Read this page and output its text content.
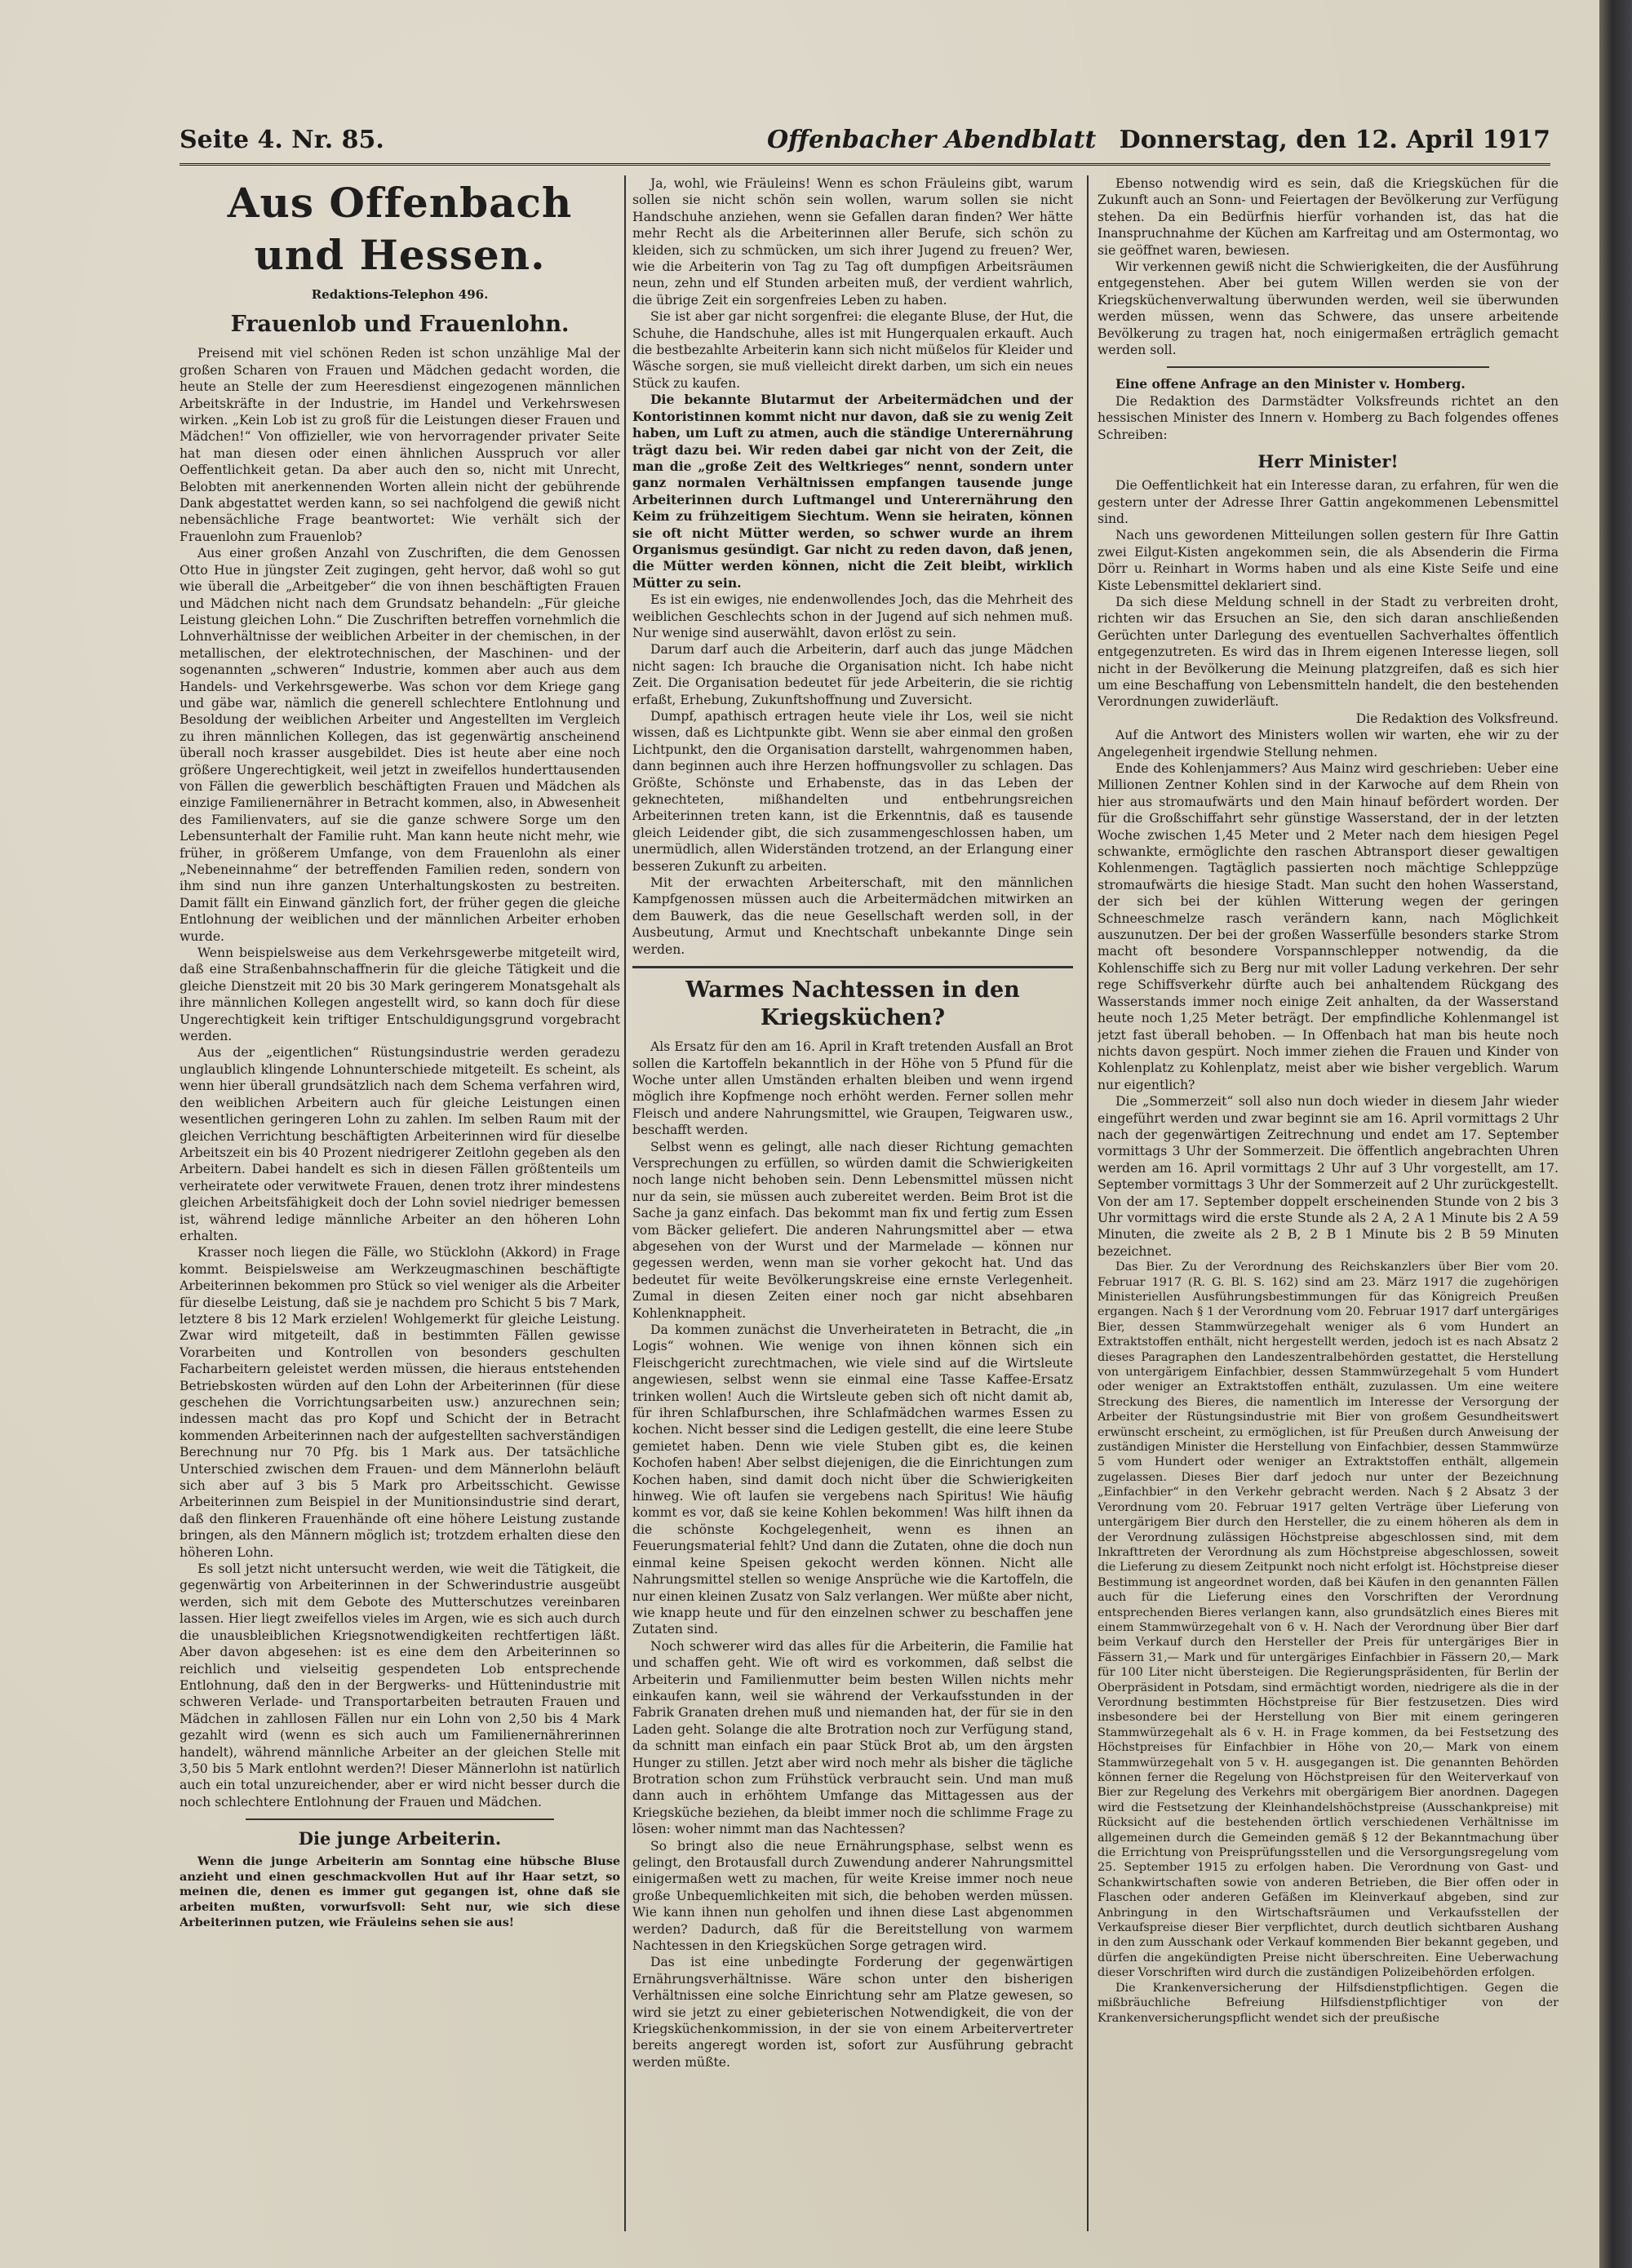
Seite 4. Nr. 85.	Offenbacher Abendblatt Donnerstag, den 12. April 1917
Aus Offenbach und Hessen.
Redaktions-Telephon 496.
Frauenlob und Frauenlohn.

Preisend mit viel schönen Reden ist schon unzählige Mal der großen Scharen von Frauen und Mädchen gedacht worden, die heute an Stelle der zum Heeresdienst eingezogenen männlichen Arbeitskräfte in der Industrie, im Handel und Verkehrswesen wirken. „Kein Lob ist zu groß für die Leistungen dieser Frauen und Mädchen!“ Von offizieller, wie von hervorragender privater Seite hat man diesen oder einen ähnlichen Ausspruch vor aller Oeffentlichkeit getan. Da aber auch den so, nicht mit Unrecht, Belobten mit anerkennenden Worten allein nicht der gebührende Dank abgestattet werden kann, so sei nachfolgend die gewiß nicht nebensächliche Frage beantwortet: Wie verhält sich der Frauenlohn zum Frauenlob?

Aus einer großen Anzahl von Zuschriften, die dem Genossen Otto Hue in jüngster Zeit zugingen, geht hervor, daß wohl so gut wie überall die „Arbeitgeber“ die von ihnen beschäftigten Frauen und Mädchen nicht nach dem Grundsatz behandeln: „Für gleiche Leistung gleichen Lohn.“ Die Zuschriften betreffen vornehmlich die Lohnverhältnisse der weiblichen Arbeiter in der chemischen, in der metallischen, der elektrotechnischen, der Maschinen- und der sogenannten „schweren“ Industrie, kommen aber auch aus dem Handels- und Verkehrsgewerbe. Was schon vor dem Kriege gang und gäbe war, nämlich die generell schlechtere Entlohnung und Besoldung der weiblichen Arbeiter und Angestellten im Vergleich zu ihren männlichen Kollegen, das ist gegenwärtig anscheinend überall noch krasser ausgebildet. Dies ist heute aber eine noch größere Ungerechtigkeit, weil jetzt in zweifellos hunderttausenden von Fällen die gewerblich beschäftigten Frauen und Mädchen als einzige Familienernährer in Betracht kommen, also, in Abwesenheit des Familienvaters, auf sie die ganze schwere Sorge um den Lebensunterhalt der Familie ruht. Man kann heute nicht mehr, wie früher, in größerem Umfange, von dem Frauenlohn als einer „Nebeneinnahme“ der betreffenden Familien reden, sondern von ihm sind nun ihre ganzen Unterhaltungskosten zu bestreiten. Damit fällt ein Einwand gänzlich fort, der früher gegen die gleiche Entlohnung der weiblichen und der männlichen Arbeiter erhoben wurde.

Wenn beispielsweise aus dem Verkehrsgewerbe mitgeteilt wird, daß eine Straßenbahnschaffnerin für die gleiche Tätigkeit und die gleiche Dienstzeit mit 20 bis 30 Mark geringerem Monatsgehalt als ihre männlichen Kollegen angestellt wird, so kann doch für diese Ungerechtigkeit kein triftiger Entschuldigungsgrund vorgebracht werden.

Aus der „eigentlichen“ Rüstungsindustrie werden geradezu unglaublich klingende Lohnunterschiede mitgeteilt. Es scheint, als wenn hier überall grundsätzlich nach dem Schema verfahren wird, den weiblichen Arbeitern auch für gleiche Leistungen einen wesentlichen geringeren Lohn zu zahlen. Im selben Raum mit der gleichen Verrichtung beschäftigten Arbeiterinnen wird für dieselbe Arbeitszeit ein bis 40 Prozent niedrigerer Zeitlohn gegeben als den Arbeitern. Dabei handelt es sich in diesen Fällen größtenteils um verheiratete oder verwitwete Frauen, denen trotz ihrer mindestens gleichen Arbeitsfähigkeit doch der Lohn soviel niedriger bemessen ist, während ledige männliche Arbeiter an den höheren Lohn erhalten.

Krasser noch liegen die Fälle, wo Stücklohn (Akkord) in Frage kommt. Beispielsweise am Werkzeugmaschinen beschäftigte Arbeiterinnen bekommen pro Stück so viel weniger als die Arbeiter für dieselbe Leistung, daß sie je nachdem pro Schicht 5 bis 7 Mark, letztere 8 bis 12 Mark erzielen! Wohlgemerkt für gleiche Leistung. Zwar wird mitgeteilt, daß in bestimmten Fällen gewisse Vorarbeiten und Kontrollen von besonders geschulten Facharbeitern geleistet werden müssen, die hieraus entstehenden Betriebskosten würden auf den Lohn der Arbeiterinnen (für diese geschehen die Vorrichtungsarbeiten usw.) anzurechnen sein; indessen macht das pro Kopf und Schicht der in Betracht kommenden Arbeiterinnen nach der aufgestellten sachverständigen Berechnung nur 70 Pfg. bis 1 Mark aus. Der tatsächliche Unterschied zwischen dem Frauen- und dem Männerlohn beläuft sich aber auf 3 bis 5 Mark pro Arbeitsschicht. Gewisse Arbeiterinnen zum Beispiel in der Munitionsindustrie sind derart, daß den flinkeren Frauenhände oft eine höhere Leistung zustande bringen, als den Männern möglich ist; trotzdem erhalten diese den höheren Lohn.

Es soll jetzt nicht untersucht werden, wie weit die Tätigkeit, die gegenwärtig von Arbeiterinnen in der Schwerindustrie ausgeübt werden, sich mit dem Gebote des Mutterschutzes vereinbaren lassen. Hier liegt zweifellos vieles im Argen, wie es sich auch durch die unausbleiblichen Kriegsnotwendigkeiten rechtfertigen läßt. Aber davon abgesehen: ist es eine dem den Arbeiterinnen so reichlich und vielseitig gespendeten Lob entsprechende Entlohnung, daß den in der Bergwerks- und Hüttenindustrie mit schweren Verlade- und Transportarbeiten betrauten Frauen und Mädchen in zahllosen Fällen nur ein Lohn von 2,50 bis 4 Mark gezahlt wird (wenn es sich auch um Familienernährerinnen handelt), während männliche Arbeiter an der gleichen Stelle mit 3,50 bis 5 Mark entlohnt werden?! Dieser Männerlohn ist natürlich auch ein total unzureichender, aber er wird nicht besser durch die noch schlechtere Entlohnung der Frauen und Mädchen.

Die junge Arbeiterin.

Wenn die junge Arbeiterin am Sonntag eine hübsche Bluse anzieht und einen geschmackvollen Hut auf ihr Haar setzt, so meinen die, denen es immer gut gegangen ist, ohne daß sie arbeiten mußten, vorwurfsvoll: Seht nur, wie sich diese Arbeiterinnen putzen, wie Fräuleins sehen sie aus!

Ja, wohl, wie Fräuleins! Wenn es schon Fräuleins gibt, warum sollen sie nicht schön sein wollen, warum sollen sie nicht Handschuhe anziehen, wenn sie Gefallen daran finden? Wer hätte mehr Recht als die Arbeiterinnen aller Berufe, sich schön zu kleiden, sich zu schmücken, um sich ihrer Jugend zu freuen? Wer, wie die Arbeiterin von Tag zu Tag oft dumpfigen Arbeitsräumen neun, zehn und elf Stunden arbeiten muß, der verdient wahrlich, die übrige Zeit ein sorgenfreies Leben zu haben.

Sie ist aber gar nicht sorgenfrei: die elegante Bluse, der Hut, die Schuhe, die Handschuhe, alles ist mit Hungerqualen erkauft. Auch die bestbezahlte Arbeiterin kann sich nicht müßelos für Kleider und Wäsche sorgen, sie muß vielleicht direkt darben, um sich ein neues Stück zu kaufen.

Die bekannte Blutarmut der Arbeitermädchen und der Kontoristinnen kommt nicht nur davon, daß sie zu wenig Zeit haben, um Luft zu atmen, auch die ständige Unterernährung trägt dazu bei. Wir reden dabei gar nicht von der Zeit, die man die „große Zeit des Weltkrieges“ nennt, sondern unter ganz normalen Verhältnissen empfangen tausende junge Arbeiterinnen durch Luftmangel und Unterernährung den Keim zu frühzeitigem Siechtum. Wenn sie heiraten, können sie oft nicht Mütter werden, so schwer wurde an ihrem Organismus gesündigt. Gar nicht zu reden davon, daß jenen, die Mütter werden können, nicht die Zeit bleibt, wirklich Mütter zu sein.

Es ist ein ewiges, nie endenwollendes Joch, das die Mehrheit des weiblichen Geschlechts schon in der Jugend auf sich nehmen muß. Nur wenige sind auserwählt, davon erlöst zu sein.

Darum darf auch die Arbeiterin, darf auch das junge Mädchen nicht sagen: Ich brauche die Organisation nicht. Ich habe nicht Zeit. Die Organisation bedeutet für jede Arbeiterin, die sie richtig erfaßt, Erhebung, Zukunftshoffnung und Zuversicht.

Dumpf, apathisch ertragen heute viele ihr Los, weil sie nicht wissen, daß es Lichtpunkte gibt. Wenn sie aber einmal den großen Lichtpunkt, den die Organisation darstellt, wahrgenommen haben, dann beginnen auch ihre Herzen hoffnungsvoller zu schlagen. Das Größte, Schönste und Erhabenste, das in das Leben der geknechteten, mißhandelten und entbehrungsreichen Arbeiterinnen treten kann, ist die Erkenntnis, daß es tausende gleich Leidender gibt, die sich zusammengeschlossen haben, um unermüdlich, allen Widerständen trotzend, an der Erlangung einer besseren Zukunft zu arbeiten.

Mit der erwachten Arbeiterschaft, mit den männlichen Kampfgenossen müssen auch die Arbeitermädchen mitwirken an dem Bauwerk, das die neue Gesellschaft werden soll, in der Ausbeutung, Armut und Knechtschaft unbekannte Dinge sein werden.

Warmes Nachtessen in den Kriegsküchen?

Als Ersatz für den am 16. April in Kraft tretenden Ausfall an Brot sollen die Kartoffeln bekanntlich in der Höhe von 5 Pfund für die Woche unter allen Umständen erhalten bleiben und wenn irgend möglich ihre Kopfmenge noch erhöht werden. Ferner sollen mehr Fleisch und andere Nahrungsmittel, wie Graupen, Teigwaren usw., beschafft werden.

Selbst wenn es gelingt, alle nach dieser Richtung gemachten Versprechungen zu erfüllen, so würden damit die Schwierigkeiten noch lange nicht behoben sein. Denn Lebensmittel müssen nicht nur da sein, sie müssen auch zubereitet werden. Beim Brot ist die Sache ja ganz einfach. Das bekommt man fix und fertig zum Essen vom Bäcker geliefert. Die anderen Nahrungsmittel aber — etwa abgesehen von der Wurst und der Marmelade — können nur gegessen werden, wenn man sie vorher gekocht hat. Und das bedeutet für weite Bevölkerungskreise eine ernste Verlegenheit. Zumal in diesen Zeiten einer noch gar nicht absehbaren Kohlenknappheit.

Da kommen zunächst die Unverheirateten in Betracht, die „in Logis“ wohnen. Wie wenige von ihnen können sich ein Fleischgericht zurechtmachen, wie viele sind auf die Wirtsleute angewiesen, selbst wenn sie einmal eine Tasse Kaffee-Ersatz trinken wollen! Auch die Wirtsleute geben sich oft nicht damit ab, für ihren Schlafburschen, ihre Schlafmädchen warmes Essen zu kochen. Nicht besser sind die Ledigen gestellt, die eine leere Stube gemietet haben. Denn wie viele Stuben gibt es, die keinen Kochofen haben! Aber selbst diejenigen, die die Einrichtungen zum Kochen haben, sind damit doch nicht über die Schwierigkeiten hinweg. Wie oft laufen sie vergebens nach Spiritus! Wie häufig kommt es vor, daß sie keine Kohlen bekommen! Was hilft ihnen da die schönste Kochgelegenheit, wenn es ihnen an Feuerungsmaterial fehlt? Und dann die Zutaten, ohne die doch nun einmal keine Speisen gekocht werden können. Nicht alle Nahrungsmittel stellen so wenige Ansprüche wie die Kartoffeln, die nur einen kleinen Zusatz von Salz verlangen. Wer müßte aber nicht, wie knapp heute und für den einzelnen schwer zu beschaffen jene Zutaten sind.

Noch schwerer wird das alles für die Arbeiterin, die Familie hat und schaffen geht. Wie oft wird es vorkommen, daß selbst die Arbeiterin und Familienmutter beim besten Willen nichts mehr einkaufen kann, weil sie während der Verkaufsstunden in der Fabrik Granaten drehen muß und niemanden hat, der für sie in den Laden geht. Solange die alte Brotration noch zur Verfügung stand, da schnitt man einfach ein paar Stück Brot ab, um den ärgsten Hunger zu stillen. Jetzt aber wird noch mehr als bisher die tägliche Brotration schon zum Frühstück verbraucht sein. Und man muß dann auch in erhöhtem Umfange das Mittagessen aus der Kriegsküche beziehen, da bleibt immer noch die schlimme Frage zu lösen: woher nimmt man das Nachtessen?

So bringt also die neue Ernährungsphase, selbst wenn es gelingt, den Brotausfall durch Zuwendung anderer Nahrungsmittel einigermaßen wett zu machen, für weite Kreise immer noch neue große Unbequemlichkeiten mit sich, die behoben werden müssen. Wie kann ihnen nun geholfen und ihnen diese Last abgenommen werden? Dadurch, daß für die Bereitstellung von warmem Nachtessen in den Kriegsküchen Sorge getragen wird.

Das ist eine unbedingte Forderung der gegenwärtigen Ernährungsverhältnisse. Wäre schon unter den bisherigen Verhältnissen eine solche Einrichtung sehr am Platze gewesen, so wird sie jetzt zu einer gebieterischen Notwendigkeit, die von der Kriegsküchenkommission, in der sie von einem Arbeitervertreter bereits angeregt worden ist, sofort zur Ausführung gebracht werden müßte.

Ebenso notwendig wird es sein, daß die Kriegsküchen für die Zukunft auch an Sonn- und Feiertagen der Bevölkerung zur Verfügung stehen. Da ein Bedürfnis hierfür vorhanden ist, das hat die Inanspruchnahme der Küchen am Karfreitag und am Ostermontag, wo sie geöffnet waren, bewiesen.

Wir verkennen gewiß nicht die Schwierigkeiten, die der Ausführung entgegenstehen. Aber bei gutem Willen werden sie von der Kriegsküchenverwaltung überwunden werden, weil sie überwunden werden müssen, wenn das Schwere, das unsere arbeitende Bevölkerung zu tragen hat, noch einigermaßen erträglich gemacht werden soll.

Eine offene Anfrage an den Minister v. Homberg.

Die Redaktion des Darmstädter Volksfreunds richtet an den hessischen Minister des Innern v. Homberg zu Bach folgendes offenes Schreiben:

Herr Minister!

Die Oeffentlichkeit hat ein Interesse daran, zu erfahren, für wen die gestern unter der Adresse Ihrer Gattin angekommenen Lebensmittel sind.

Nach uns gewordenen Mitteilungen sollen gestern für Ihre Gattin zwei Eilgut-Kisten angekommen sein, die als Absenderin die Firma Dörr u. Reinhart in Worms haben und als eine Kiste Seife und eine Kiste Lebensmittel deklariert sind.

Da sich diese Meldung schnell in der Stadt zu verbreiten droht, richten wir das Ersuchen an Sie, den sich daran anschließenden Gerüchten unter Darlegung des eventuellen Sachverhaltes öffentlich entgegenzutreten. Es wird das in Ihrem eigenen Interesse liegen, soll nicht in der Bevölkerung die Meinung platzgreifen, daß es sich hier um eine Beschaffung von Lebensmitteln handelt, die den bestehenden Verordnungen zuwiderläuft.

Die Redaktion des Volksfreund.

Auf die Antwort des Ministers wollen wir warten, ehe wir zu der Angelegenheit irgendwie Stellung nehmen.

Ende des Kohlenjammers? Aus Mainz wird geschrieben: Ueber eine Millionen Zentner Kohlen sind in der Karwoche auf dem Rhein von hier aus stromaufwärts und den Main hinauf befördert worden. Der für die Großschiffahrt sehr günstige Wasserstand, der in der letzten Woche zwischen 1,45 Meter und 2 Meter nach dem hiesigen Pegel schwankte, ermöglichte den raschen Abtransport dieser gewaltigen Kohlenmengen. Tagtäglich passierten noch mächtige Schleppzüge stromaufwärts die hiesige Stadt. Man sucht den hohen Wasserstand, der sich bei der kühlen Witterung wegen der geringen Schneeschmelze rasch verändern kann, nach Möglichkeit auszunutzen. Der bei der großen Wasserfülle besonders starke Strom macht oft besondere Vorspannschlepper notwendig, da die Kohlenschiffe sich zu Berg nur mit voller Ladung verkehren. Der sehr rege Schiffsverkehr dürfte auch bei anhaltendem Rückgang des Wasserstands immer noch einige Zeit anhalten, da der Wasserstand heute noch 1,25 Meter beträgt. Der empfindliche Kohlenmangel ist jetzt fast überall behoben. — In Offenbach hat man bis heute noch nichts davon gespürt. Noch immer ziehen die Frauen und Kinder von Kohlenplatz zu Kohlenplatz, meist aber wie bisher vergeblich. Warum nur eigentlich?

Die „Sommerzeit“ soll also nun doch wieder in diesem Jahr wieder eingeführt werden und zwar beginnt sie am 16. April vormittags 2 Uhr nach der gegenwärtigen Zeitrechnung und endet am 17. September vormittags 3 Uhr der Sommerzeit. Die öffentlich angebrachten Uhren werden am 16. April vormittags 2 Uhr auf 3 Uhr vorgestellt, am 17. September vormittags 3 Uhr der Sommerzeit auf 2 Uhr zurückgestellt. Von der am 17. September doppelt erscheinenden Stunde von 2 bis 3 Uhr vormittags wird die erste Stunde als 2 A, 2 A 1 Minute bis 2 A 59 Minuten, die zweite als 2 B, 2 B 1 Minute bis 2 B 59 Minuten bezeichnet.

Das Bier. Zu der Verordnung des Reichskanzlers über Bier vom 20. Februar 1917 (R. G. Bl. S. 162) sind am 23. März 1917 die zugehörigen Ministeriellen Ausführungsbestimmungen für das Königreich Preußen ergangen. Nach § 1 der Verordnung vom 20. Februar 1917 darf untergäriges Bier, dessen Stammwürzegehalt weniger als 6 vom Hundert an Extraktstoffen enthält, nicht hergestellt werden, jedoch ist es nach Absatz 2 dieses Paragraphen den Landeszentralbehörden gestattet, die Herstellung von untergärigem Einfachbier, dessen Stammwürzegehalt 5 vom Hundert oder weniger an Extraktstoffen enthält, zuzulassen. Um eine weitere Streckung des Bieres, die namentlich im Interesse der Versorgung der Arbeiter der Rüstungsindustrie mit Bier von großem Gesundheitswert erwünscht erscheint, zu ermöglichen, ist für Preußen durch Anweisung der zuständigen Minister die Herstellung von Einfachbier, dessen Stammwürze 5 vom Hundert oder weniger an Extraktstoffen enthält, allgemein zugelassen. Dieses Bier darf jedoch nur unter der Bezeichnung „Einfachbier“ in den Verkehr gebracht werden. Nach § 2 Absatz 3 der Verordnung vom 20. Februar 1917 gelten Verträge über Lieferung von untergärigem Bier durch den Hersteller, die zu einem höheren als dem in der Verordnung zulässigen Höchstpreise abgeschlossen sind, mit dem Inkrafttreten der Verordnung als zum Höchstpreise abgeschlossen, soweit die Lieferung zu diesem Zeitpunkt noch nicht erfolgt ist. Höchstpreise dieser Bestimmung ist angeordnet worden, daß bei Käufen in den genannten Fällen auch für die Lieferung eines den Vorschriften der Verordnung entsprechenden Bieres verlangen kann, also grundsätzlich eines Bieres mit einem Stammwürzegehalt von 6 v. H. Nach der Verordnung über Bier darf beim Verkauf durch den Hersteller der Preis für untergäriges Bier in Fässern 31,— Mark und für untergäriges Einfachbier in Fässern 20,— Mark für 100 Liter nicht übersteigen. Die Regierungspräsidenten, für Berlin der Oberpräsident in Potsdam, sind ermächtigt worden, niedrigere als die in der Verordnung bestimmten Höchstpreise für Bier festzusetzen. Dies wird insbesondere bei der Herstellung von Bier mit einem geringeren Stammwürzegehalt als 6 v. H. in Frage kommen, da bei Festsetzung des Höchstpreises für Einfachbier in Höhe von 20,— Mark von einem Stammwürzegehalt von 5 v. H. ausgegangen ist. Die genannten Behörden können ferner die Regelung von Höchstpreisen für den Weiterverkauf von Bier zur Regelung des Verkehrs mit obergärigem Bier anordnen. Dagegen wird die Festsetzung der Kleinhandelshöchstpreise (Ausschankpreise) mit Rücksicht auf die bestehenden örtlich verschiedenen Verhältnisse im allgemeinen durch die Gemeinden gemäß § 12 der Bekanntmachung über die Errichtung von Preisprüfungsstellen und die Versorgungsregelung vom 25. September 1915 zu erfolgen haben. Die Verordnung von Gast- und Schankwirtschaften sowie von anderen Betrieben, die Bier offen oder in Flaschen oder anderen Gefäßen im Kleinverkauf abgeben, sind zur Anbringung in den Wirtschaftsräumen und Verkaufsstellen der Verkaufspreise dieser Bier verpflichtet, durch deutlich sichtbaren Aushang in den zum Ausschank oder Verkauf kommenden Bier bekannt gegeben, und dürfen die angekündigten Preise nicht überschreiten. Eine Ueberwachung dieser Vorschriften wird durch die zuständigen Polizeibehörden erfolgen.

Die Krankenversicherung der Hilfsdienstpflichtigen. Gegen die mißbräuchliche Befreiung Hilfsdienstpflichtiger von der Krankenversicherungspflicht wendet sich der preußische
